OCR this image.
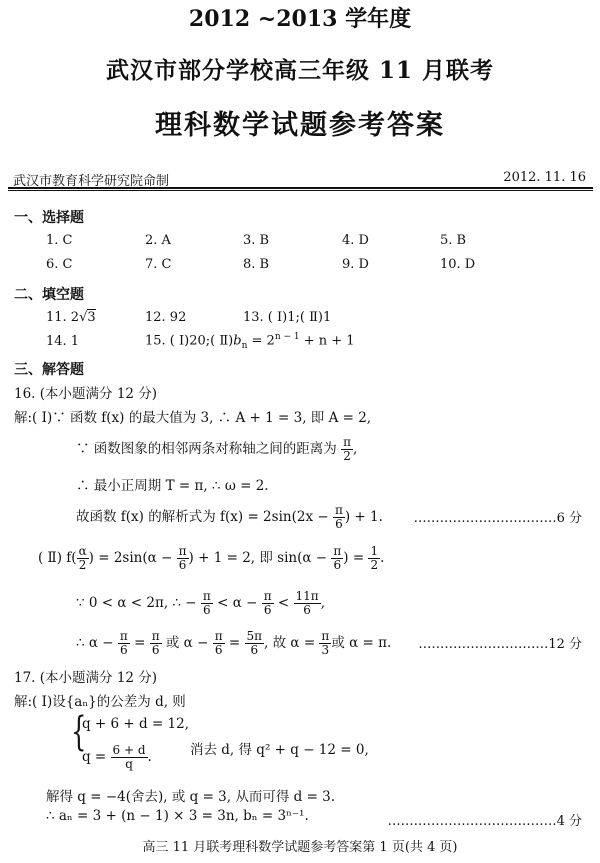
2012 ~2013 学年度
武汉市部分学校高三年级 11 月联考
理科数学试题参考答案
武汉市教育科学研究院命制	2012. 11. 16
一、选择题
1. C	2. A	3. B	4. D	5. B
6. C	7. C	8. B	9. D	10. D
二、填空题
11. 2√3	12. 92	13. ( Ⅰ)1;( Ⅱ)1
14. 1	15. ( Ⅰ)20;( $Ⅱ)b_n = 2^{n - 1} + n + 1$
三、解答题
16. (本小题满分 12 分)
解:( Ⅰ)∵ 函数 f(x) 的最大值为 3, ∴ A + 1 = 3, 即 A = 2,
∵ 函数图象的相邻两条对称轴之间的距离为 $\frac{\pi}{2}$ ,
∴ 最小正周期 T = π, ∴ ω = 2.
故函数 f(x) 的解析式为 $f(x) = 2\sin(2x - \frac{\pi}{6}$ ) + 1. ……………………………6 分
( Ⅱ) $f( \frac{\alpha}{2}$ ) = $2\sin(\alpha - \frac{\pi}{6}$ ) + 1 = 2, 即 $\sin(\alpha - \frac{\pi}{6}$ ) = $\frac{1}{2}$ .
∵ 0 < α < 2π, ∴ − $\frac{\pi}{6} < \alpha - \frac{\pi}{6} < \frac{11\pi}{6}$ ,
∴ $\alpha - \frac{\pi}{6} = \frac{\pi}{6}$ 或 $\alpha - \frac{\pi}{6} = \frac{5\pi}{6}$ , 故 $\alpha = \frac{\pi}{3}$ 或 α = π. …………………………12 分
17. (本小题满分 12 分)
解:( Ⅰ)设{aₙ}的公差为 d, 则
{
q + 6 + d = 12,
$q = \frac{6 + d}{q}$ .	消去 d, 得 q² + q − 12 = 0,
解得 q = −4(舍去), 或 q = 3, 从而可得 d = 3.
∴ aₙ = 3 + (n − 1) × 3 = 3n, bₙ = 3ⁿ⁻¹.	…………………………………4 分
高三 11 月联考理科数学试题参考答案第 1 页(共 4 页)
